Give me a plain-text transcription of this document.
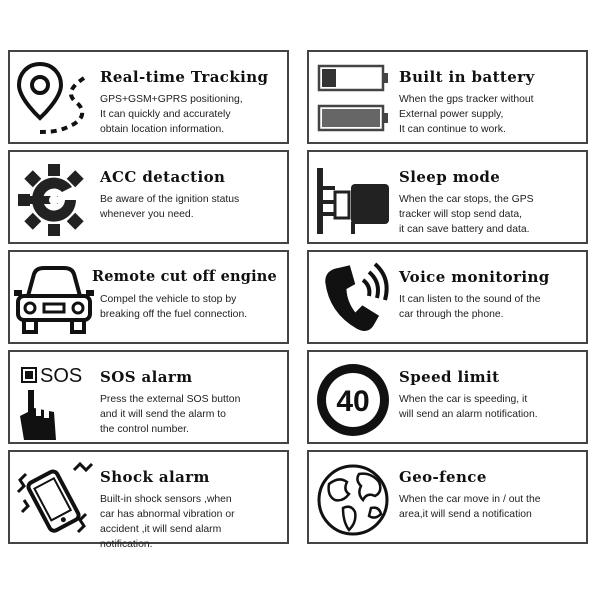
Real-time Tracking
GPS+GSM+GPRS positioning,
It can quickly and accurately
obtain location information.
Built in battery
When the gps tracker without
External power supply,
It can continue to work.
ACC detaction
Be aware of the ignition status
whenever you need.
Sleep mode
When the car stops, the GPS
tracker will stop send data,
it can save battery and data.
Remote cut off engine
Compel the vehicle to stop by
breaking off the fuel connection.
Voice monitoring
It can listen to the sound of the
car through the phone.
SOS SOS alarm
Press the external SOS button
and it will send the alarm to
the control number.
40
Speed limit
When the car is speeding, it
will send an alarm notification.
Shock alarm
Built-in shock sensors ,when
car has abnormal vibration or
accident ,it will send alarm
notification.
Geo-fence
When the car move in / out the
area,it will send a notification
